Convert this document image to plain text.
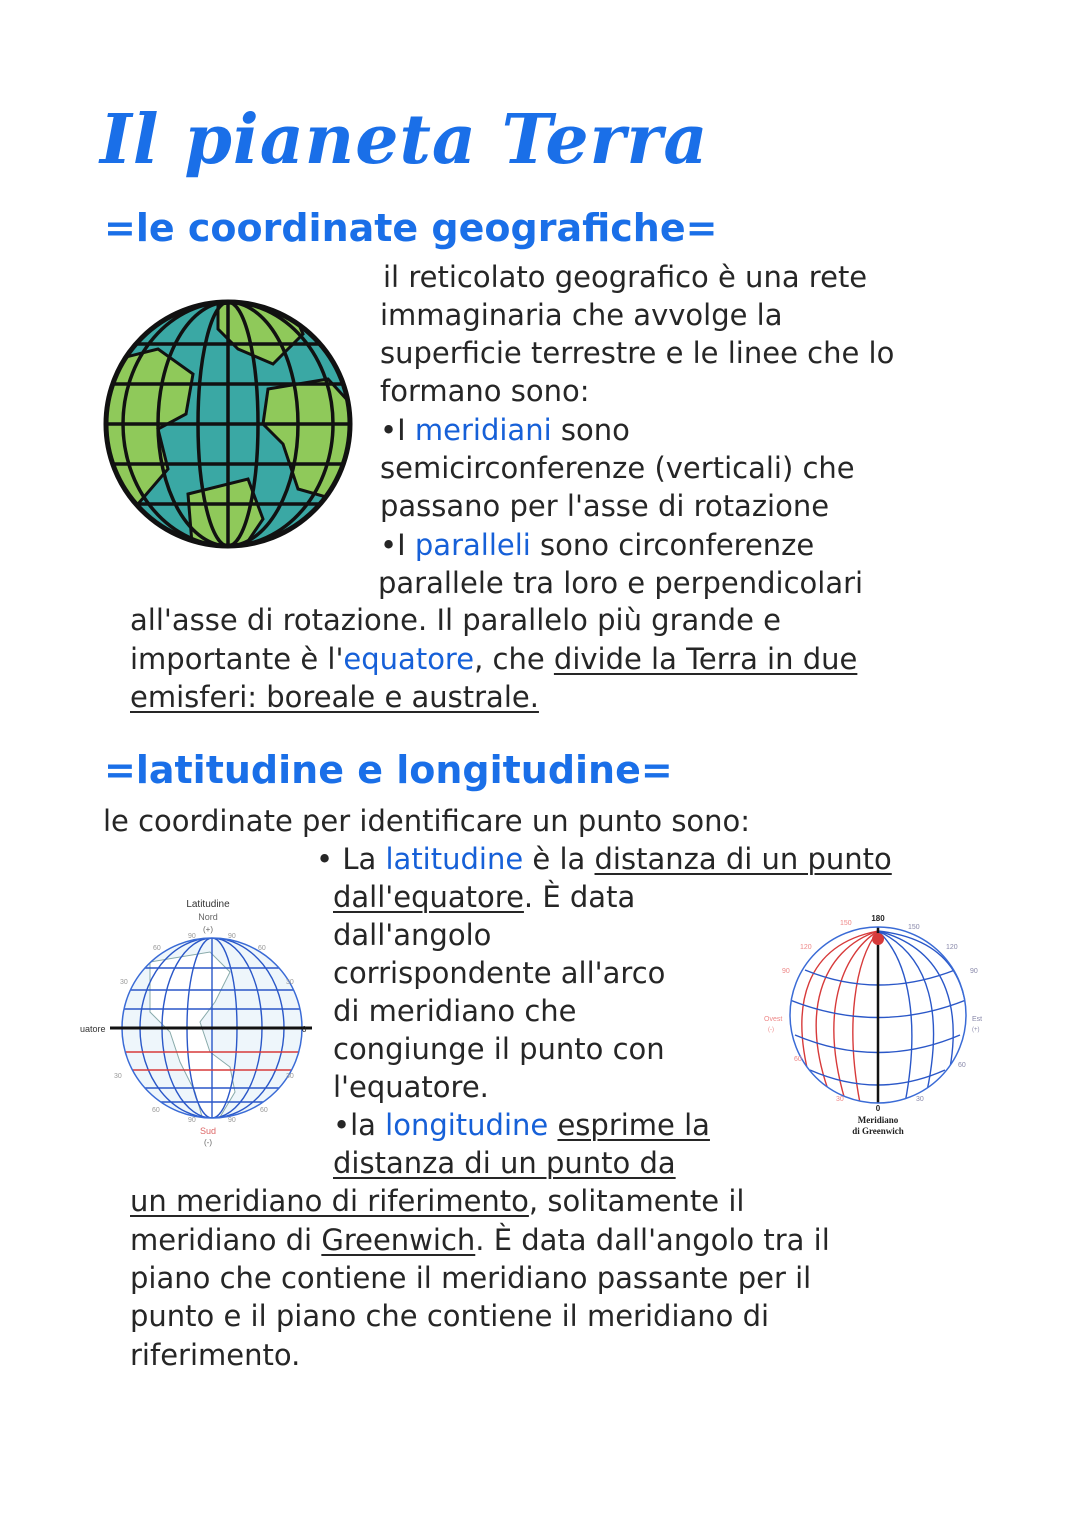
Il pianeta Terra
=le coordinate geografiche=
il reticolato geografico è una rete
immaginaria che avvolge la
superficie terrestre e le linee che lo
formano sono:
•I meridiani sono
semicirconferenze (verticali) che
passano per l'asse di rotazione
•I paralleli sono circonferenze
parallele tra loro e perpendicolari
all'asse di rotazione. Il parallelo più grande e
importante è l'equatore, che divide la Terra in due
emisferi: boreale e australe.
=latitudine e longitudine=
le coordinate per identificare un punto sono:
• La latitudine è la distanza di un punto
dall'equatore. È data
dall'angolo
corrispondente all'arco
di meridiano che
congiunge il punto con
l'equatore.
•la longitudine esprime la
distanza di un punto da
un meridiano di riferimento, solitamente il
meridiano di Greenwich. È data dall'angolo tra il
piano che contiene il meridiano passante per il
punto e il piano che contiene il meridiano di
riferimento.
Latitudine
Nord
(+)
uatore
90	90
60	60
30	30
0
30	30
60	60
90	90
Sud
(-)
180
150
150
120	120
90	90
Ovest
(-)
Est
(+)
60
60
30	30
0
Meridiano
di Greenwich
